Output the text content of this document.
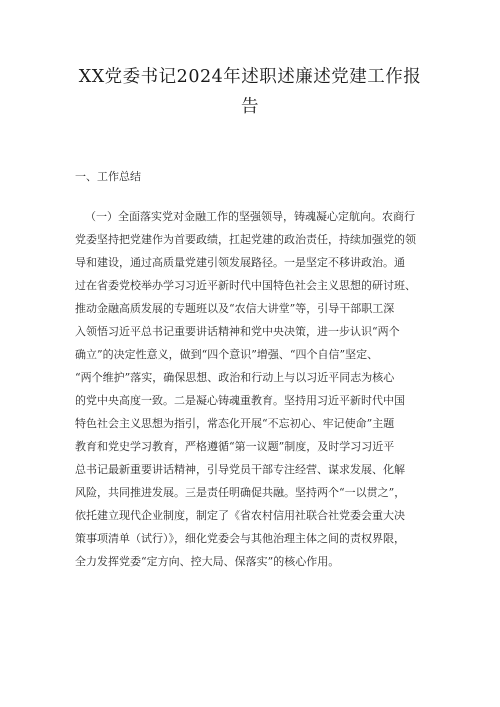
XX党委书记2024年述职述廉述党建工作报
告
一、工作总结
（一）全面落实党对金融工作的坚强领导，铸魂凝心定航向。农商行
党委坚持把党建作为首要政绩，扛起党建的政治责任，持续加强党的领
导和建设，通过高质量党建引领发展路径。一是坚定不移讲政治。通
过在省委党校举办学习习近平新时代中国特色社会主义思想的研讨班、
推动金融高质发展的专题班以及“农信大讲堂”等，引导干部职工深
入领悟习近平总书记重要讲话精神和党中央决策，进一步认识“两个
确立”的决定性意义，做到“四个意识”增强、“四个自信”坚定、
“两个维护”落实，确保思想、政治和行动上与以习近平同志为核心
的党中央高度一致。二是凝心铸魂重教育。坚持用习近平新时代中国
特色社会主义思想为指引，常态化开展“不忘初心、牢记使命”主题
教育和党史学习教育，严格遵循“第一议题”制度，及时学习习近平
总书记最新重要讲话精神，引导党员干部专注经营、谋求发展、化解
风险，共同推进发展。三是责任明确促共融。坚持两个“一以贯之”，
依托建立现代企业制度，制定了《省农村信用社联合社党委会重大决
策事项清单（试行）》，细化党委会与其他治理主体之间的责权界限，
全力发挥党委“定方向、控大局、保落实”的核心作用。
